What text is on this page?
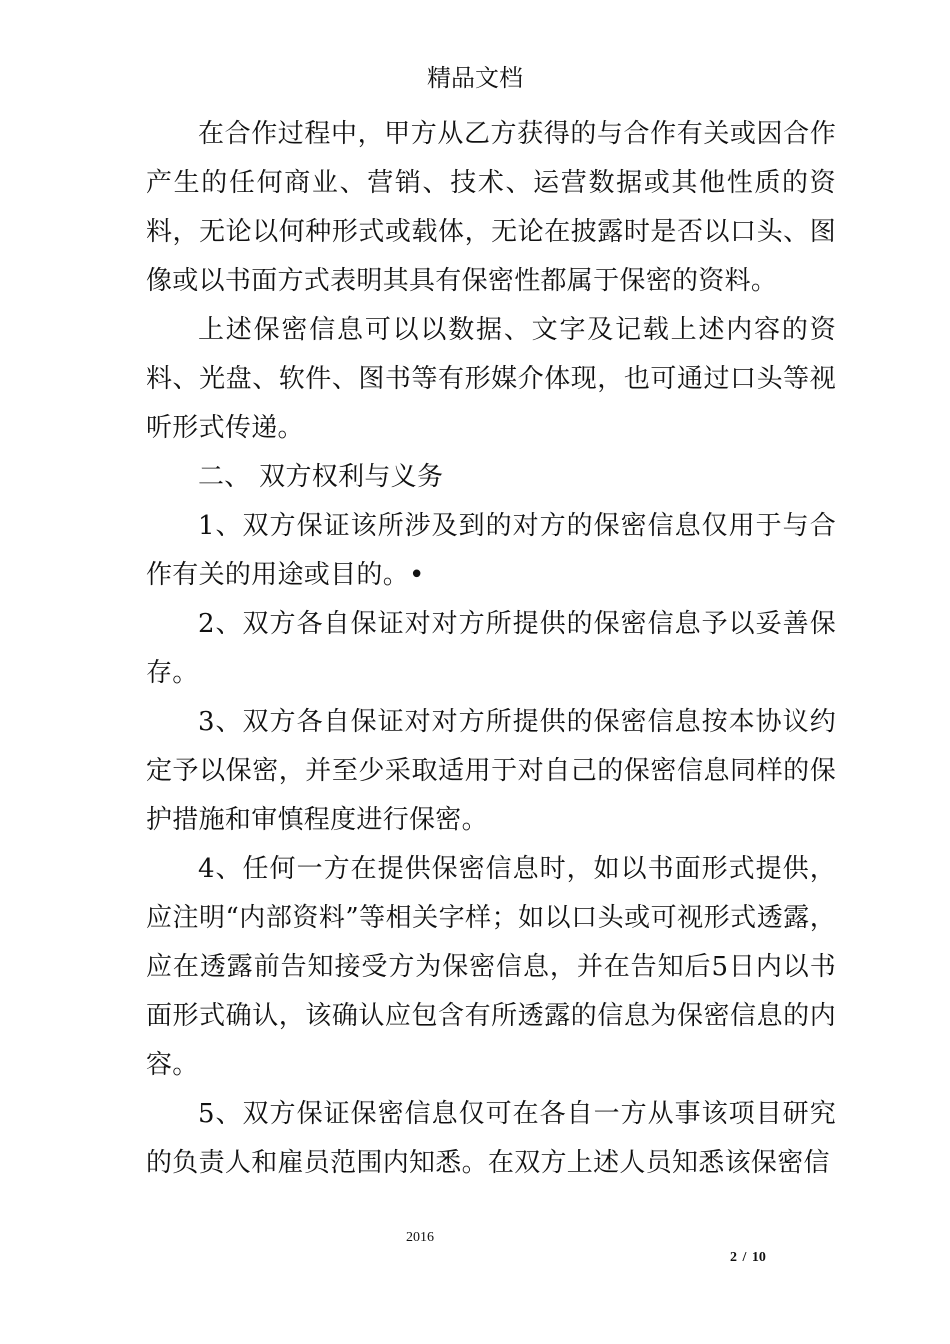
精品文档

在合作过程中，甲方从乙方获得的与合作有关或因合作产生的任何商业、营销、技术、运营数据或其他性质的资料，无论以何种形式或载体，无论在披露时是否以口头、图像或以书面方式表明其具有保密性都属于保密的资料。

上述保密信息可以以数据、文字及记载上述内容的资料、光盘、软件、图书等有形媒介体现，也可通过口头等视听形式传递。

二、 双方权利与义务

1、双方保证该所涉及到的对方的保密信息仅用于与合作有关的用途或目的。•

2、双方各自保证对对方所提供的保密信息予以妥善保存。

3、双方各自保证对对方所提供的保密信息按本协议约定予以保密，并至少采取适用于对自己的保密信息同样的保护措施和审慎程度进行保密。

4、任何一方在提供保密信息时，如以书面形式提供，应注明“内部资料”等相关字样；如以口头或可视形式透露，应在透露前告知接受方为保密信息，并在告知后5日内以书面形式确认，该确认应包含有所透露的信息为保密信息的内容。

5、双方保证保密信息仅可在各自一方从事该项目研究的负责人和雇员范围内知悉。在双方上述人员知悉该保密信

2016
2 / 10
